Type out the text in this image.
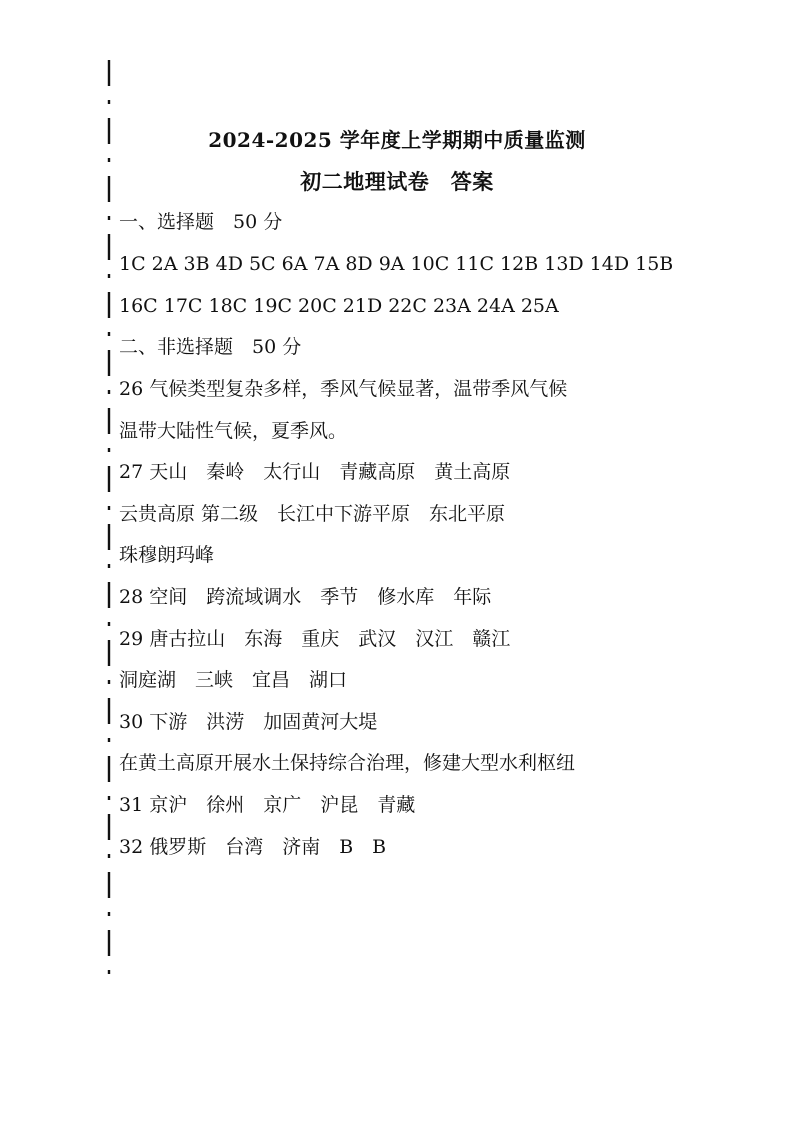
2024-2025 学年度上学期期中质量监测
初二地理试卷　答案
一、选择题　50 分
1C 2A 3B 4D 5C 6A 7A 8D 9A 10C 11C 12B 13D 14D 15B
16C 17C 18C 19C 20C 21D 22C 23A 24A 25A
二、非选择题　50 分
26 气候类型复杂多样，季风气候显著，温带季风气候
温带大陆性气候，夏季风。
27 天山　秦岭　太行山　青藏高原　黄土高原
云贵高原 第二级　长江中下游平原　东北平原
珠穆朗玛峰
28 空间　跨流域调水　季节　修水库　年际
29 唐古拉山　东海　重庆　武汉　汉江　赣江
洞庭湖　三峡　宜昌　湖口
30 下游　洪涝　加固黄河大堤
在黄土高原开展水土保持综合治理，修建大型水利枢纽
31 京沪　徐州　京广　沪昆　青藏
32 俄罗斯　台湾　济南　B　B
